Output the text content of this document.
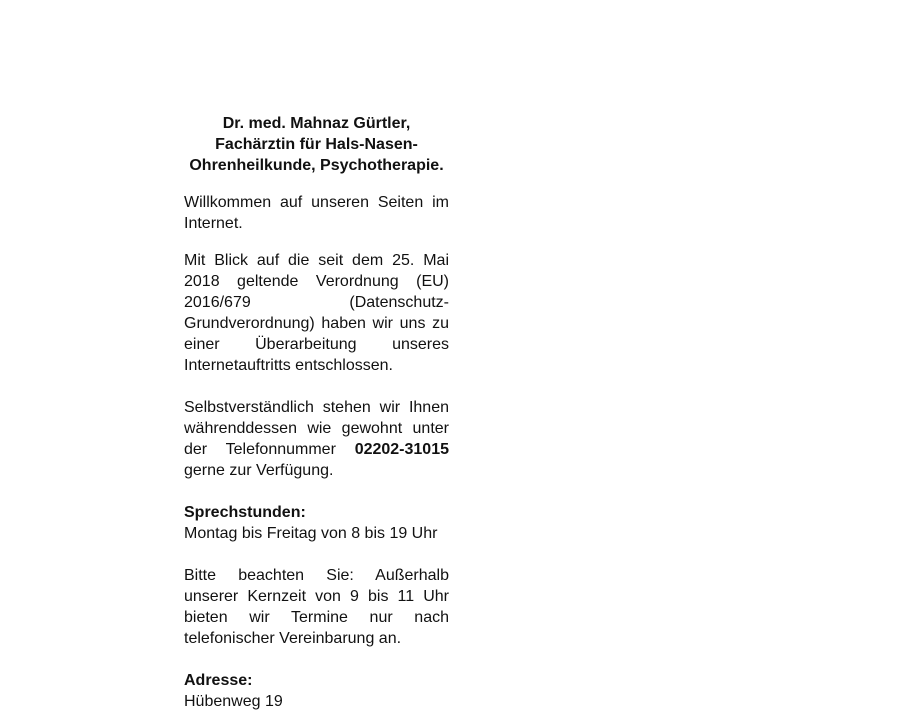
Dr. med. Mahnaz Gürtler,
Fachärztin für Hals-Nasen-
Ohrenheilkunde, Psychotherapie.

Willkommen auf unseren Seiten im Internet.

Mit Blick auf die seit dem 25. Mai 2018 geltende Verordnung (EU) 2016/679 (Datenschutz-Grundverordnung) haben wir uns zu einer Überarbeitung unseres Internetauftritts entschlossen.

Selbstverständlich stehen wir Ihnen währenddessen wie gewohnt unter der Telefonnummer 02202-31015 gerne zur Verfügung.

Sprechstunden:
Montag bis Freitag von 8 bis 19 Uhr

Bitte beachten Sie: Außerhalb unserer Kernzeit von 9 bis 11 Uhr bieten wir Termine nur nach telefonischer Vereinbarung an.

Adresse:
Hübenweg 19
